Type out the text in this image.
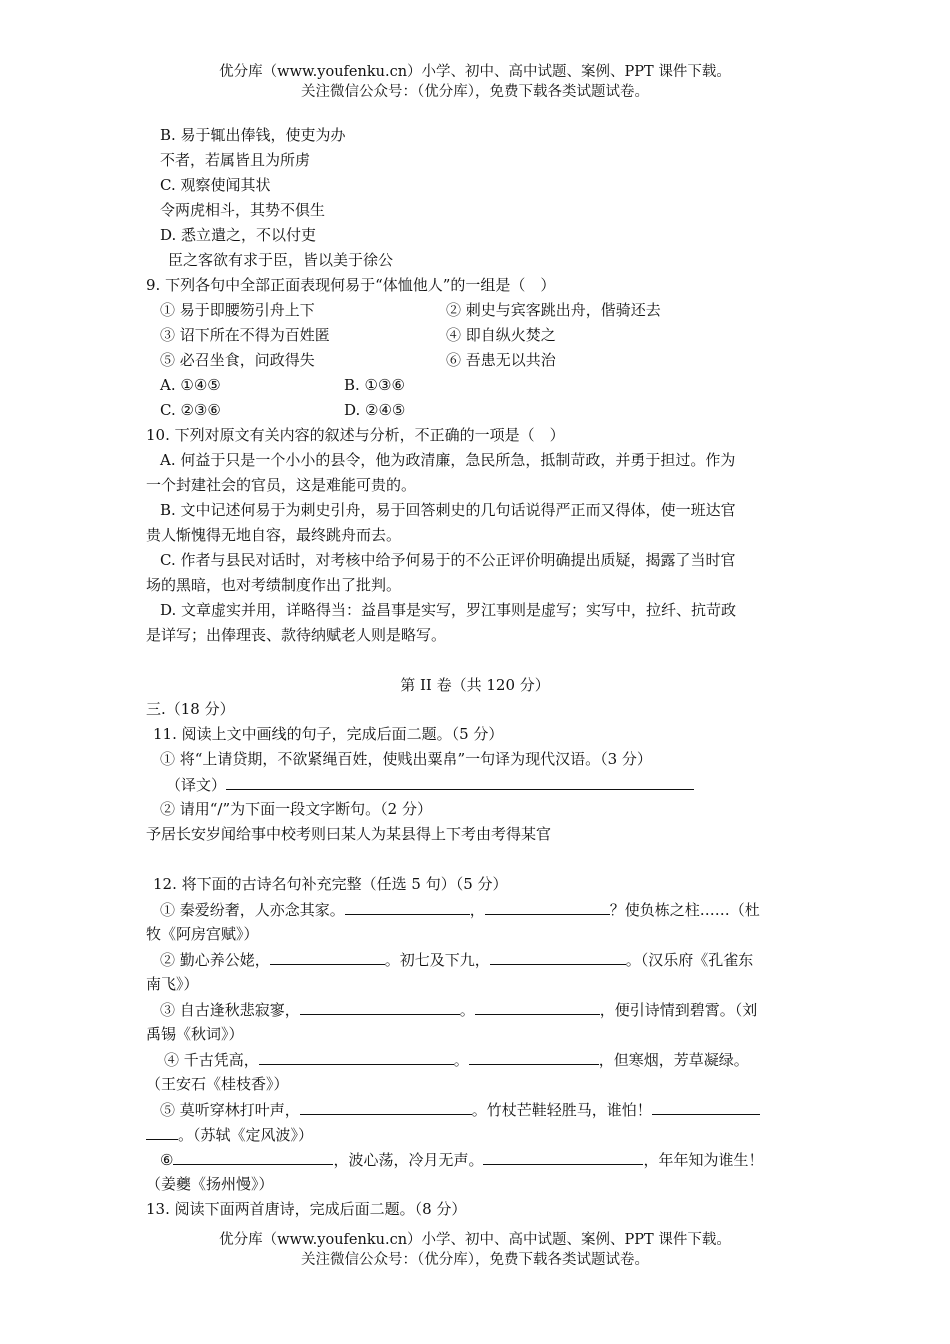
优分库（www.youfenku.cn）小学、初中、高中试题、案例、PPT 课件下载。
关注微信公众号：（优分库），免费下载各类试题试卷。
B. 易于辄出俸钱，使吏为办
不者，若属皆且为所虏
C. 观察使闻其状
令两虎相斗，其势不俱生
D. 悉立遣之，不以付吏
臣之客欲有求于臣，皆以美于徐公
9. 下列各句中全部正面表现何易于“体恤他人”的一组是（　）
① 易于即腰笏引舟上下	② 刺史与宾客跳出舟，偕骑还去
③ 诏下所在不得为百姓匿	④ 即自纵火焚之
⑤ 必召坐食，问政得失	⑥ 吾患无以共治
A. ①④⑤	B. ①③⑥
C. ②③⑥	D. ②④⑤
10. 下列对原文有关内容的叙述与分析，不正确的一项是（　）
A. 何益于只是一个小小的县令，他为政清廉，急民所急，抵制苛政，并勇于担过。作为
一个封建社会的官员，这是难能可贵的。
B. 文中记述何易于为刺史引舟，易于回答刺史的几句话说得严正而又得体，使一班达官
贵人惭愧得无地自容，最终跳舟而去。
C. 作者与县民对话时，对考核中给予何易于的不公正评价明确提出质疑，揭露了当时官
场的黑暗，也对考绩制度作出了批判。
D. 文章虚实并用，详略得当：益昌事是实写，罗江事则是虚写；实写中，拉纤、抗苛政
是详写；出俸理丧、款待纳赋老人则是略写。
第 II 卷（共 120 分）
三.（18 分）
11. 阅读上文中画线的句子，完成后面二题。（5 分）
① 将“上请贷期，不欲紧绳百姓，使贱出粟帛”一句译为现代汉语。（3 分）
（译文）
② 请用“/”为下面一段文字断句。（2 分）
予居长安岁闻给事中校考则曰某人为某县得上下考由考得某官
12. 将下面的古诗名句补充完整（任选 5 句）（5 分）
① 秦爱纷奢，人亦念其家。	，	？使负栋之柱……（杜
牧《阿房宫赋》）
② 勤心养公姥，	。初七及下九，	。（汉乐府《孔雀东
南飞》）
③ 自古逢秋悲寂寥，	。	，便引诗情到碧霄。（刘
禹锡《秋词》）
④ 千古凭高，	。	，但寒烟，芳草凝绿。
（王安石《桂枝香》）
⑤ 莫听穿林打叶声，	。竹杖芒鞋轻胜马，谁怕！
。（苏轼《定风波》）
⑥	，波心荡，冷月无声。	，年年知为谁生！
（姜夔《扬州慢》）
13. 阅读下面两首唐诗，完成后面二题。（8 分）
优分库（www.youfenku.cn）小学、初中、高中试题、案例、PPT 课件下载。
关注微信公众号：（优分库），免费下载各类试题试卷。
